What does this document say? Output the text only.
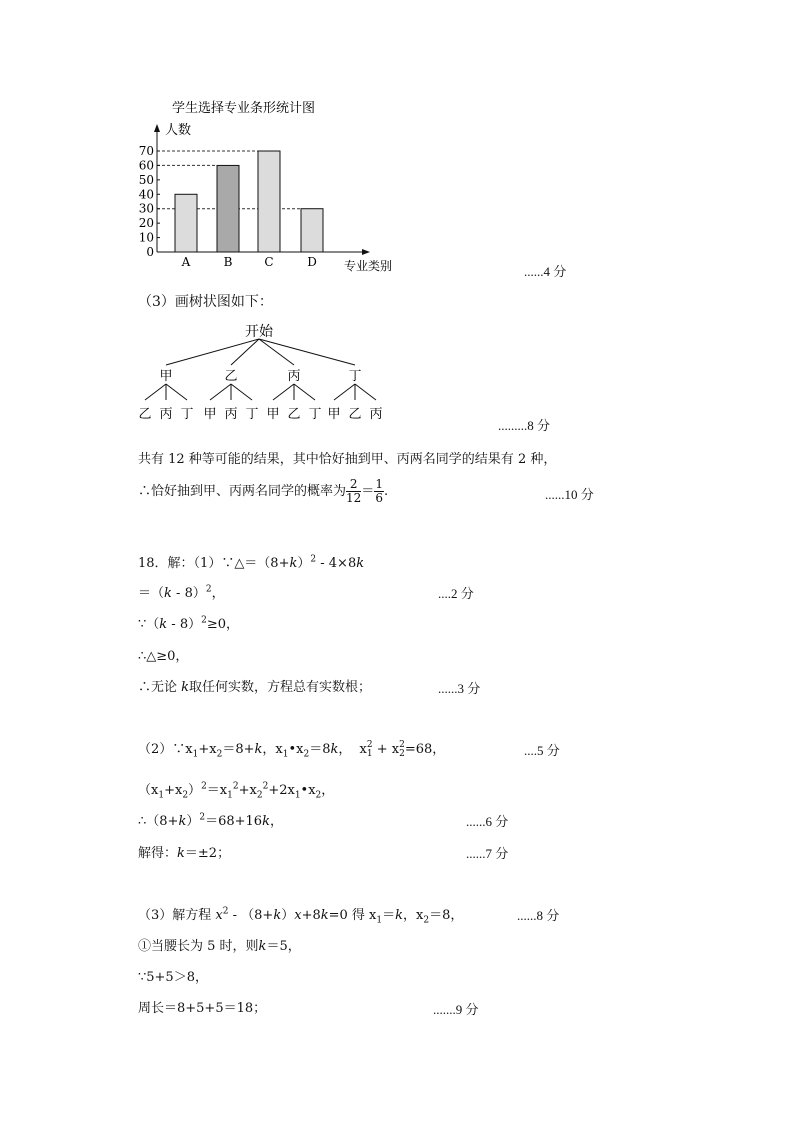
学生选择专业条形统计图
人数
专业类别
0
10
20
30
40
50
60
70
A	B	C	D
......4 分
（3）画树状图如下：
开始
甲
乙 丙 丁
乙
甲 丙 丁
丙
甲 乙 丁
丁
甲 乙 丙
.........8 分
共有 12 种等可能的结果，其中恰好抽到甲、丙两名同学的结果有 2 种，
∴恰好抽到甲、丙两名同学的概率为 $\frac{2}{12} = \frac{1}{6}$ .	......10 分
18．解：$(1)\because\triangle=(8+k)^2 - 4\times 8k$
＝（k - 8）$^2$，	....2 分
∵（k - 8）$^2$≥0，
∴△≥0，
∴无论 k取任何实数，方程总有实数根；	......3 分
$(2)\because x_1+x_2=8+k$，$x_1•x_2=8k$， x 2
1 + x 2
2 =68，	....5 分
$(x_1+x_2)^2=x_1^2+x_2^2+2x_1•x_2$，
$\therefore(8+k)^2=68+16k$，	......6 分
解得：k＝±2；	......7 分
（3）解方程 $x^2 - (8+k)x+8k=0$ 得 $x_1=k$，$x_2=8$，	......8 分
①当腰长为 5 时，则k＝5，
∵5+5＞8，
周长＝8+5+5＝18；	.......9 分
